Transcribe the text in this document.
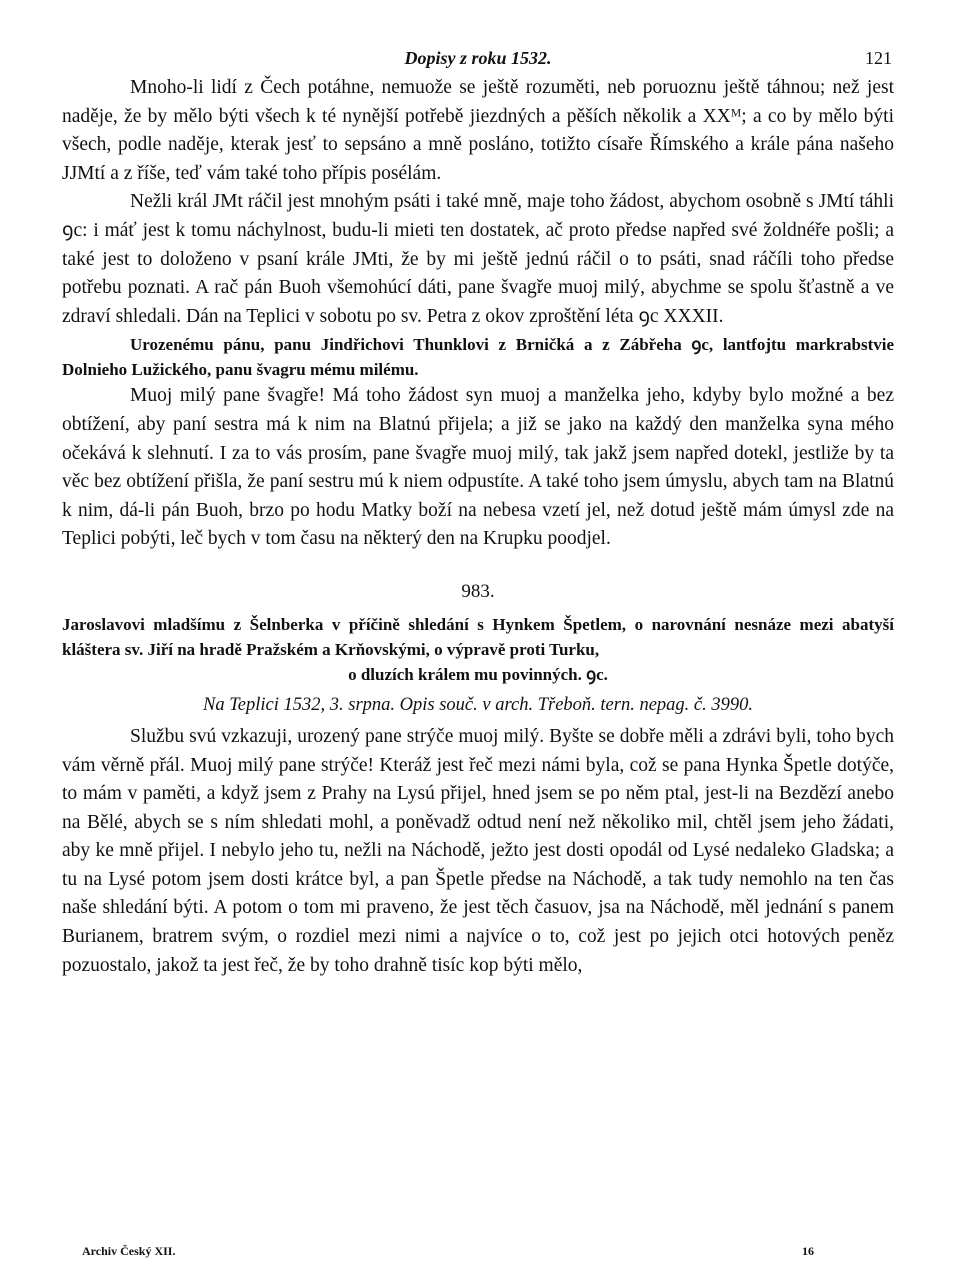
Dopisy z roku 1532.	121

Mnoho-li lidí z Čech potáhne, nemuože se ještě rozuměti, neb poruoznu ještě táhnou; než jest naděje, že by mělo býti všech k té nynější potřebě jiezdných a pěších několik a XXᴹ; a co by mělo býti všech, podle naděje, kterak jesť to sepsáno a mně posláno, totižto císaře Římského a krále pána našeho JJMtí a z říše, teď vám také toho přípis posélám.

Nežli král JMt ráčil jest mnohým psáti i také mně, maje toho žádost, abychom osobně s JMtí táhli ꝯc: i máť jest k tomu náchylnost, budu-li mieti ten dostatek, ač proto předse napřed své žoldnéře pošli; a také jest to doloženo v psaní krále JMti, že by mi ještě jednú ráčil o to psáti, snad ráčíli toho předse potřebu poznati. A rač pán Buoh všemohúcí dáti, pane švagře muoj milý, abychme se spolu šťastně a ve zdraví shledali. Dán na Teplici v sobotu po sv. Petra z okov zproštění léta ꝯc XXXII.

Urozenému pánu, panu Jindřichovi Thunklovi z Brničká a z Zábřeha ꝯc, lantfojtu markrabstvie Dolnieho Lužického, panu švagru mému milému.

Muoj milý pane švagře! Má toho žádost syn muoj a manželka jeho, kdyby bylo možné a bez obtížení, aby paní sestra má k nim na Blatnú přijela; a již se jako na každý den manželka syna mého očekává k slehnutí. I za to vás prosím, pane švagře muoj milý, tak jakž jsem napřed dotekl, jestliže by ta věc bez obtížení přišla, že paní sestru mú k niem odpustíte. A také toho jsem úmyslu, abych tam na Blatnú k nim, dá-li pán Buoh, brzo po hodu Matky boží na nebesa vzetí jel, než dotud ještě mám úmysl zde na Teplici pobýti, leč bych v tom času na některý den na Krupku poodjel.

983.
Jaroslavovi mladšímu z Šelnberka v příčině shledání s Hynkem Špetlem, o narovnání nesnáze mezi abatyší kláštera sv. Jiří na hradě Pražském a Krňovskými, o výpravě proti Turku,
o dluzích králem mu povinných. ꝯc.
Na Teplici 1532, 3. srpna. Opis souč. v arch. Třeboň. tern. nepag. č. 3990.

Službu svú vzkazuji, urozený pane strýče muoj milý. Byšte se dobře měli a zdrávi byli, toho bych vám věrně přál. Muoj milý pane strýče! Kteráž jest řeč mezi námi byla, což se pana Hynka Špetle dotýče, to mám v paměti, a když jsem z Prahy na Lysú přijel, hned jsem se po něm ptal, jest-li na Bezdězí anebo na Bělé, abych se s ním shledati mohl, a poněvadž odtud není než několiko mil, chtěl jsem jeho žádati, aby ke mně přijel. I nebylo jeho tu, nežli na Náchodě, ježto jest dosti opodál od Lysé nedaleko Gladska; a tu na Lysé potom jsem dosti krátce byl, a pan Špetle předse na Náchodě, a tak tudy nemohlo na ten čas naše shledání býti. A potom o tom mi praveno, že jest těch časuov, jsa na Náchodě, měl jednání s panem Burianem, bratrem svým, o rozdiel mezi nimi a najvíce o to, což jest po jejich otci hotových peněz pozuostalo, jakož ta jest řeč, že by toho drahně tisíc kop býti mělo,

Archiv Český XII.	16
